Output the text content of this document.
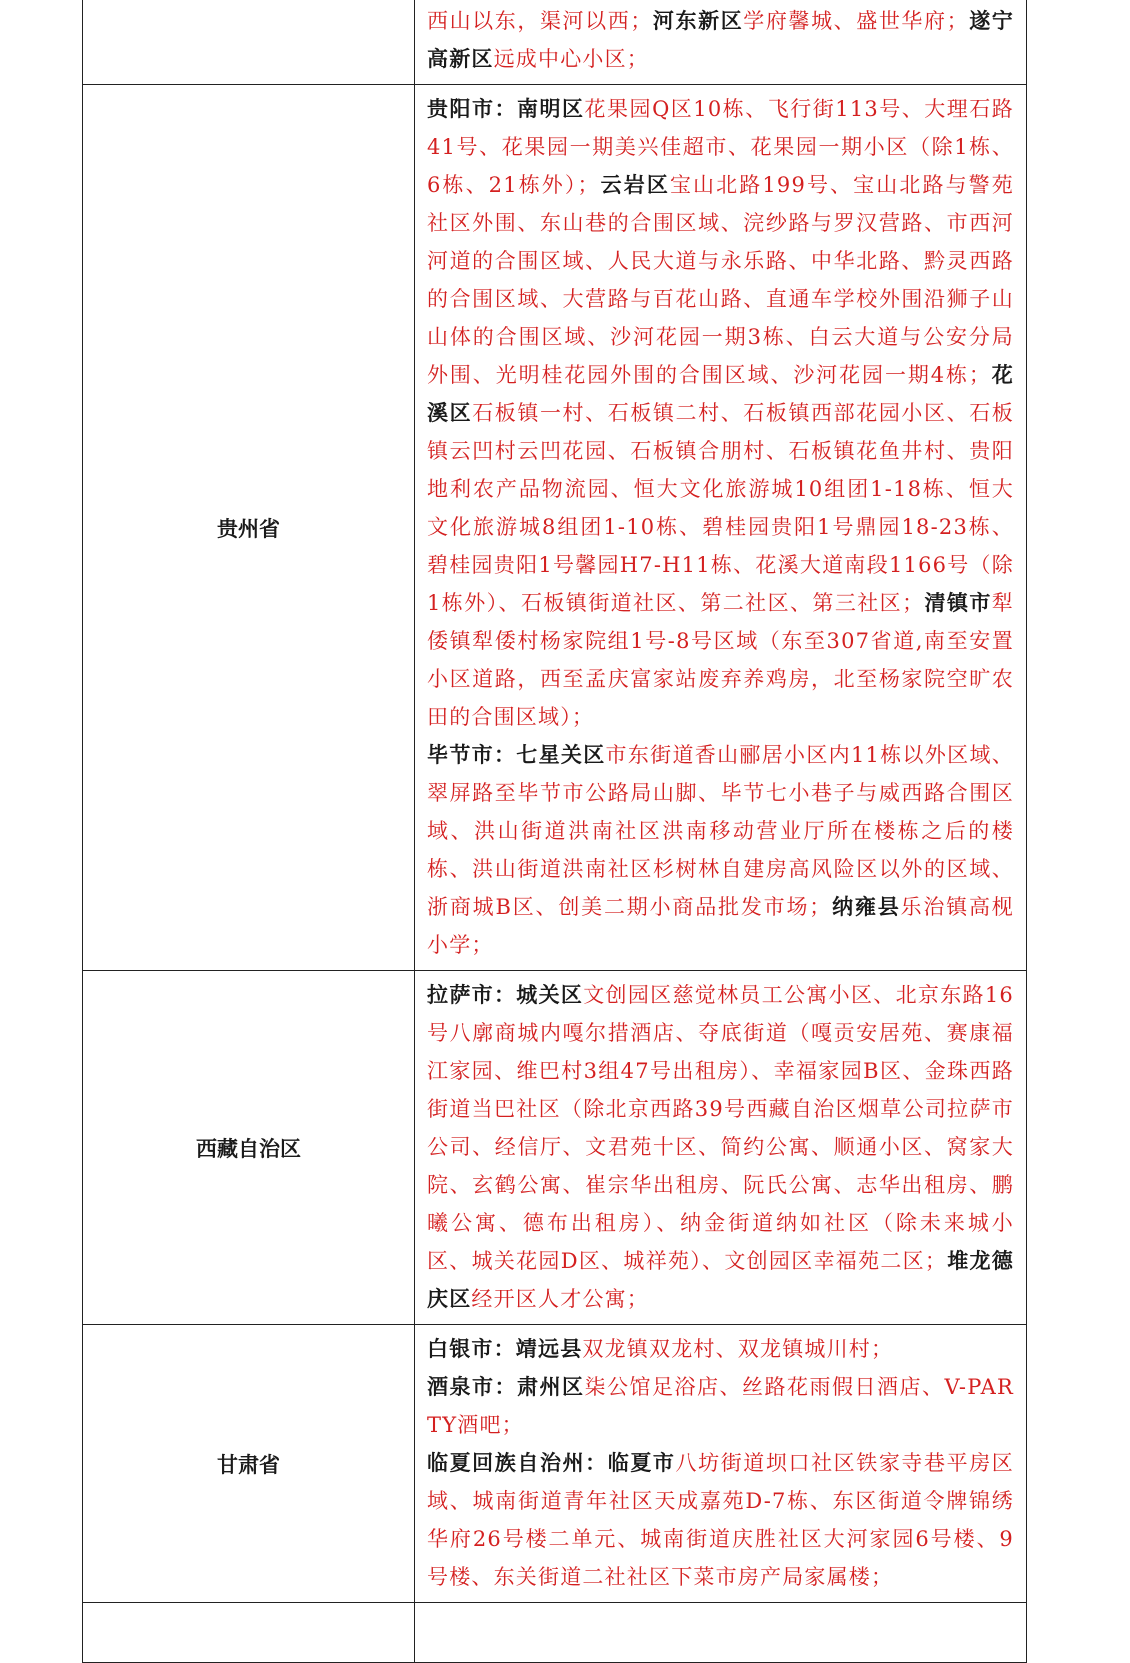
	西山以东，渠河以西；河东新区学府馨城、盛世华府；遂宁高新区远成中心小区；

贵州省	贵阳市：南明区花果园Q区10栋、飞行街113号、大理石路41号、花果园一期美兴佳超市、花果园一期小区（除1栋、6栋、21栋外）；云岩区宝山北路199号、宝山北路与警苑社区外围、东山巷的合围区域、浣纱路与罗汉营路、市西河河道的合围区域、人民大道与永乐路、中华北路、黔灵西路的合围区域、大营路与百花山路、直通车学校外围沿狮子山山体的合围区域、沙河花园一期3栋、白云大道与公安分局外围、光明桂花园外围的合围区域、沙河花园一期4栋；花溪区石板镇一村、石板镇二村、石板镇西部花园小区、石板镇云凹村云凹花园、石板镇合朋村、石板镇花鱼井村、贵阳地利农产品物流园、恒大文化旅游城10组团1-18栋、恒大文化旅游城8组团1-10栋、碧桂园贵阳1号鼎园18-23栋、碧桂园贵阳1号馨园H7-H11栋、花溪大道南段1166号（除1栋外）、石板镇街道社区、第二社区、第三社区；清镇市犁倭镇犁倭村杨家院组1号-8号区域（东至307省道,南至安置小区道路，西至孟庆富家站废弃养鸡房，北至杨家院空旷农田的合围区域）；
毕节市：七星关区市东街道香山郦居小区内11栋以外区域、翠屏路至毕节市公路局山脚、毕节七小巷子与威西路合围区域、洪山街道洪南社区洪南移动营业厅所在楼栋之后的楼栋、洪山街道洪南社区杉树林自建房高风险区以外的区域、浙商城B区、创美二期小商品批发市场；纳雍县乐治镇高枧小学；

西藏自治区	拉萨市：城关区文创园区慈觉林员工公寓小区、北京东路16号八廓商城内嘎尔措酒店、夺底街道（嘎贡安居苑、赛康福江家园、维巴村3组47号出租房）、幸福家园B区、金珠西路街道当巴社区（除北京西路39号西藏自治区烟草公司拉萨市公司、经信厅、文君苑十区、简约公寓、顺通小区、窝家大院、玄鹤公寓、崔宗华出租房、阮氏公寓、志华出租房、鹏曦公寓、德布出租房）、纳金街道纳如社区（除未来城小区、城关花园D区、城祥苑）、文创园区幸福苑二区；堆龙德庆区经开区人才公寓；

甘肃省	白银市：靖远县双龙镇双龙村、双龙镇城川村；
酒泉市：肃州区柒公馆足浴店、丝路花雨假日酒店、V-PARTY酒吧；
临夏回族自治州：临夏市八坊街道坝口社区铁家寺巷平房区域、城南街道青年社区天成嘉苑D-7栋、东区街道令牌锦绣华府26号楼二单元、城南街道庆胜社区大河家园6号楼、9号楼、东关街道二社社区下菜市房产局家属楼；
